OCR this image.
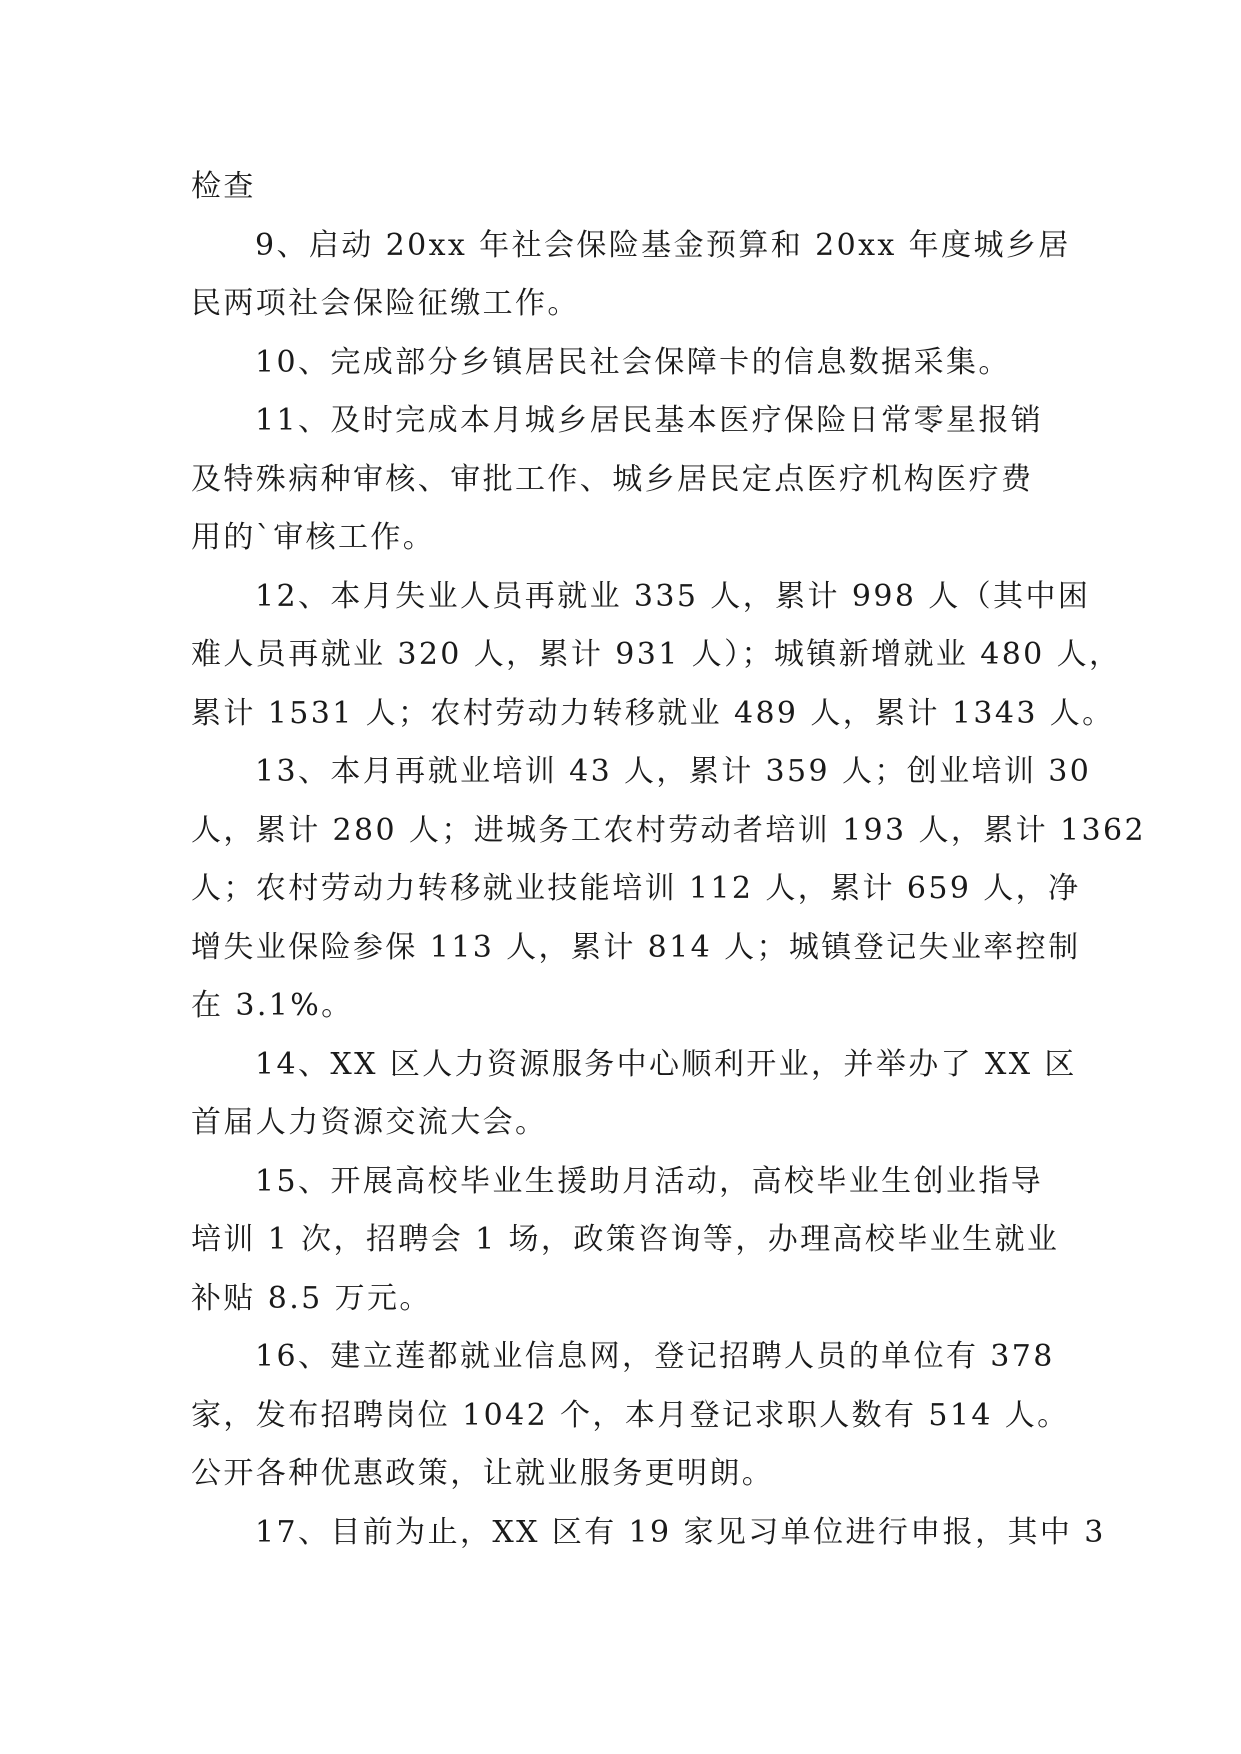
检查

9、启动 20xx 年社会保险基金预算和 20xx 年度城乡居
民两项社会保险征缴工作。

10、完成部分乡镇居民社会保障卡的信息数据采集。

11、及时完成本月城乡居民基本医疗保险日常零星报销
及特殊病种审核、审批工作、城乡居民定点医疗机构医疗费
用的`审核工作。

12、本月失业人员再就业 335 人，累计 998 人（其中困
难人员再就业 320 人，累计 931 人）；城镇新增就业 480 人，
累计 1531 人；农村劳动力转移就业 489 人，累计 1343 人。

13、本月再就业培训 43 人，累计 359 人；创业培训 30
人，累计 280 人；进城务工农村劳动者培训 193 人，累计 1362
人；农村劳动力转移就业技能培训 112 人，累计 659 人，净
增失业保险参保 113 人，累计 814 人；城镇登记失业率控制
在 3.1%。

14、XX 区人力资源服务中心顺利开业，并举办了 XX 区
首届人力资源交流大会。

15、开展高校毕业生援助月活动，高校毕业生创业指导
培训 1 次，招聘会 1 场，政策咨询等，办理高校毕业生就业
补贴 8.5 万元。

16、建立莲都就业信息网，登记招聘人员的单位有 378
家，发布招聘岗位 1042 个，本月登记求职人数有 514 人。
公开各种优惠政策，让就业服务更明朗。

17、目前为止，XX 区有 19 家见习单位进行申报，其中 3
